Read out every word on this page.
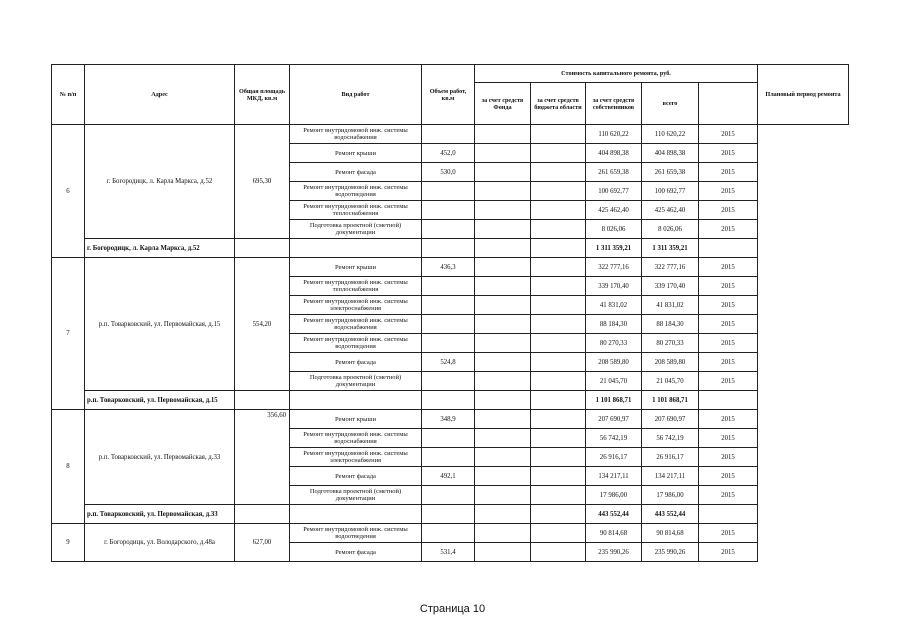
№ п/п	Адрес	Общая площадь МКД, кв.м	Вид работ	Объем работ, кв.м	Стоимость капитального ремонта, руб.					Плановый период ремонта
					за счет средств Фонда	за счет средств бюджета области	за счет средств собственников	всего		
6	г. Богородицк, л. Карла Маркса, д.52	695,30	Ремонт внутридомовой инж. системы водоснабжения				110 620,22	110 620,22	2015	
			Ремонт крыши	452,0			404 898,38	404 898,38	2015	
			Ремонт фасада	530,0			261 659,38	261 659,38	2015	
			Ремонт внутридомовой инж. системы водоотведения				100 692,77	100 692,77	2015	
			Ремонт внутридомовой инж. системы теплоснабжения				425 462,40	425 462,40	2015	
			Подготовка проектной (сметной) документации				8 026,06	8 026,06	2015	
	г. Богородицк, л. Карла Маркса, д.52						1 311 359,21	1 311 359,21		
7	р.п. Товарковский, ул. Первомайская, д.15	554,20	Ремонт крыши	436,3			322 777,16	322 777,16	2015	
			Ремонт внутридомовой инж. системы теплоснабжения				339 170,40	339 170,40	2015	
			Ремонт внутридомовой инж. системы электроснабжения				41 831,02	41 831,02	2015	
			Ремонт внутридомовой инж. системы водоснабжения				88 184,30	88 184,30	2015	
			Ремонт внутридомовой инж. системы водоотведения				80 270,33	80 270,33	2015	
			Ремонт фасада	524,8			208 589,80	208 589,80	2015	
			Подготовка проектной (сметной) документации				21 045,70	21 045,70	2015	
	р.п. Товарковский, ул. Первомайская, д.15						1 101 868,71	1 101 868,71		
8	р.п. Товарковский, ул. Первомайская, д.33	356,60	Ремонт крыши	348,9			207 690,97	207 690,97	2015	
			Ремонт внутридомовой инж. системы водоснабжения				56 742,19	56 742,19	2015	
			Ремонт внутридомовой инж. системы электроснабжения				26 916,17	26 916,17	2015	
			Ремонт фасада	492,1			134 217,11	134 217,11	2015	
			Подготовка проектной (сметной) документации				17 986,00	17 986,00	2015	
	р.п. Товарковский, ул. Первомайская, д.33						443 552,44	443 552,44		
9	г. Богородицк, ул. Володарского, д.48а	627,00	Ремонт внутридомовой инж. системы водоотведения				90 814,68	90 814,68	2015	
			Ремонт фасада	531,4			235 990,26	235 990,26	2015	
Страница 10
